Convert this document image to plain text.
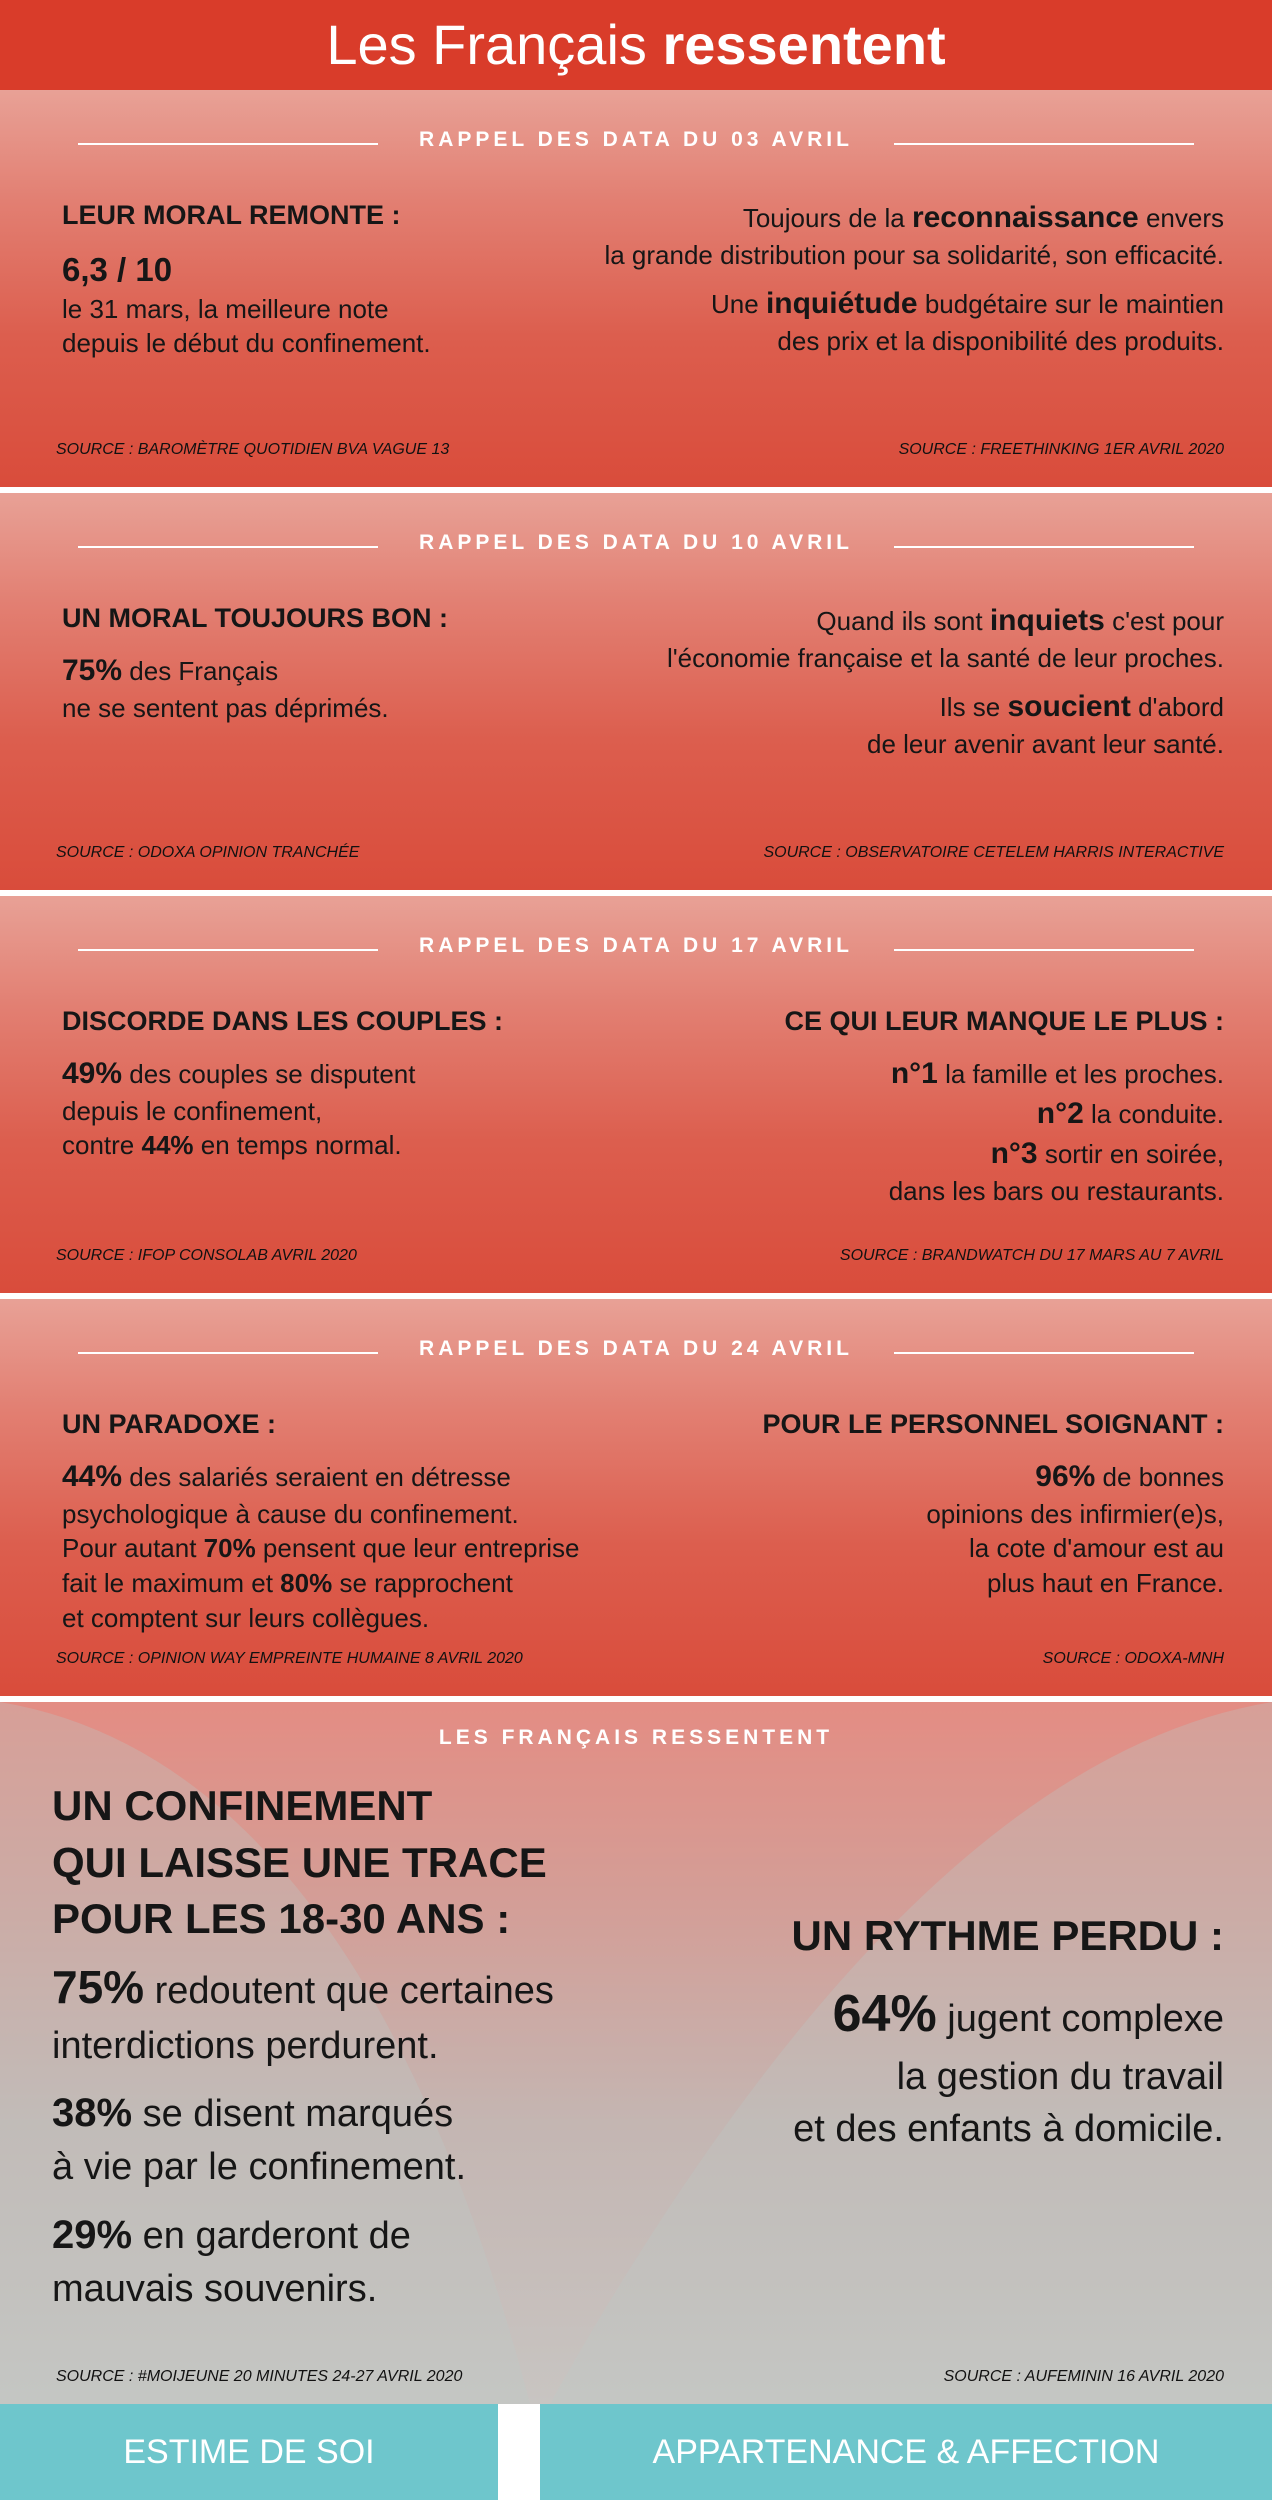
Les Français ressentent
RAPPEL DES DATA DU 03 AVRIL
LEUR MORAL REMONTE :
6,3 / 10
le 31 mars, la meilleure note
depuis le début du confinement.
Toujours de la reconnaissance envers
la grande distribution pour sa solidarité, son efficacité.
Une inquiétude budgétaire sur le maintien
des prix et la disponibilité des produits.
SOURCE : BAROMÈTRE QUOTIDIEN BVA VAGUE 13	SOURCE : FREETHINKING 1ER AVRIL 2020
RAPPEL DES DATA DU 10 AVRIL
UN MORAL TOUJOURS BON :
75% des Français
ne se sentent pas déprimés.
Quand ils sont inquiets c'est pour
l'économie française et la santé de leur proches.
Ils se soucient d'abord
de leur avenir avant leur santé.
SOURCE : ODOXA OPINION TRANCHÉE	SOURCE : OBSERVATOIRE CETELEM HARRIS INTERACTIVE
RAPPEL DES DATA DU 17 AVRIL
DISCORDE DANS LES COUPLES :
49% des couples se disputent
depuis le confinement,
contre 44% en temps normal.
CE QUI LEUR MANQUE LE PLUS :
n°1 la famille et les proches.
n°2 la conduite.
n°3 sortir en soirée,
dans les bars ou restaurants.
SOURCE : IFOP CONSOLAB AVRIL 2020	SOURCE : BRANDWATCH DU 17 MARS AU 7 AVRIL
RAPPEL DES DATA DU 24 AVRIL
UN PARADOXE :
44% des salariés seraient en détresse
psychologique à cause du confinement.
Pour autant 70% pensent que leur entreprise
fait le maximum et 80% se rapprochent
et comptent sur leurs collègues.
POUR LE PERSONNEL SOIGNANT :
96% de bonnes
opinions des infirmier(e)s,
la cote d'amour est au
plus haut en France.
SOURCE : OPINION WAY EMPREINTE HUMAINE 8 AVRIL 2020	SOURCE : ODOXA-MNH
LES FRANÇAIS RESSENTENT
UN CONFINEMENT
QUI LAISSE UNE TRACE
POUR LES 18-30 ANS :

75% redoutent que certaines
interdictions perdurent.

38% se disent marqués
à vie par le confinement.

29% en garderont de
mauvais souvenirs.

UN RYTHME PERDU :
64% jugent complexe
la gestion du travail
et des enfants à domicile.
SOURCE : #MOIJEUNE 20 MINUTES 24-27 AVRIL 2020	SOURCE : AUFEMININ 16 AVRIL 2020
ESTIME DE SOI	APPARTENANCE & AFFECTION
